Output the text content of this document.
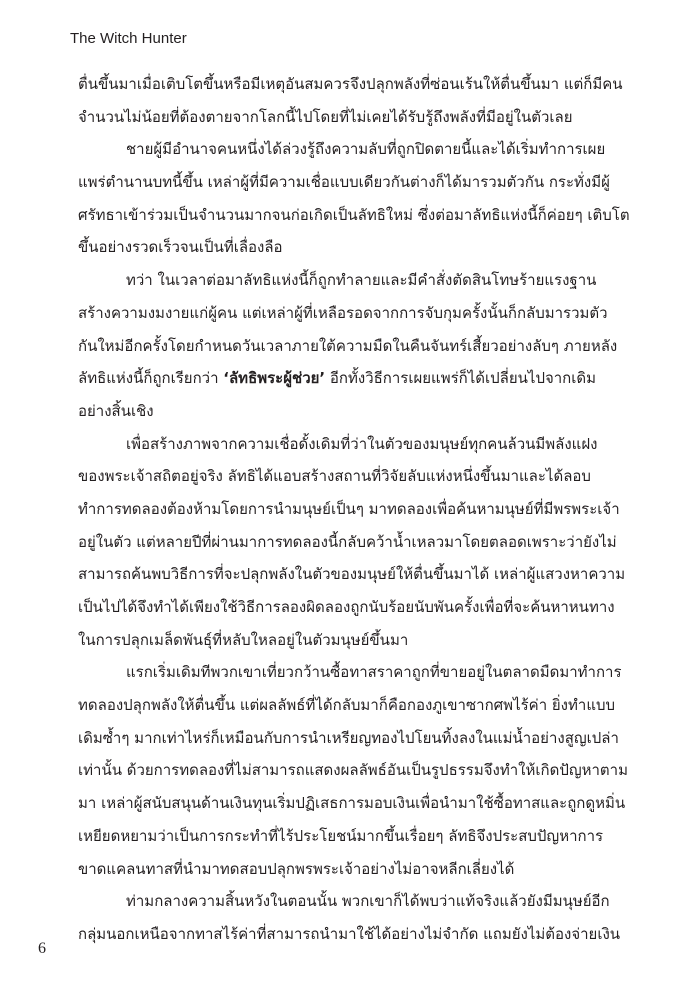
The Witch Hunter
ตื่นขึ้นมาเมื่อเติบโตขึ้นหรือมีเหตุอันสมควรจึงปลุกพลังที่ซ่อนเร้นให้ตื่นขึ้นมา แต่ก็มีคน
จำนวนไม่น้อยที่ต้องตายจากโลกนี้ไปโดยที่ไม่เคยได้รับรู้ถึงพลังที่มีอยู่ในตัวเลย
ชายผู้มีอำนาจคนหนึ่งได้ล่วงรู้ถึงความลับที่ถูกปิดตายนี้และได้เริ่มทำการเผย
แพร่ตำนานบทนี้ขึ้น เหล่าผู้ที่มีความเชื่อแบบเดียวกันต่างก็ได้มารวมตัวกัน กระทั่งมีผู้
ศรัทธาเข้าร่วมเป็นจำนวนมากจนก่อเกิดเป็นลัทธิใหม่ ซึ่งต่อมาลัทธิแห่งนี้ก็ค่อยๆ เติบโต
ขึ้นอย่างรวดเร็วจนเป็นที่เลื่องลือ
ทว่า ในเวลาต่อมาลัทธิแห่งนี้ก็ถูกทำลายและมีคำสั่งตัดสินโทษร้ายแรงฐาน
สร้างความงมงายแก่ผู้คน แต่เหล่าผู้ที่เหลือรอดจากการจับกุมครั้งนั้นก็กลับมารวมตัว
กันใหม่อีกครั้งโดยกำหนดวันเวลาภายใต้ความมืดในคืนจันทร์เสี้ยวอย่างลับๆ ภายหลัง
ลัทธิแห่งนี้ก็ถูกเรียกว่า ‘ลัทธิพระผู้ช่วย’ อีกทั้งวิธีการเผยแพร่ก็ได้เปลี่ยนไปจากเดิม
อย่างสิ้นเชิง
เพื่อสร้างภาพจากความเชื่อดั้งเดิมที่ว่าในตัวของมนุษย์ทุกคนล้วนมีพลังแฝง
ของพระเจ้าสถิตอยู่จริง ลัทธิได้แอบสร้างสถานที่วิจัยลับแห่งหนึ่งขึ้นมาและได้ลอบ
ทำการทดลองต้องห้ามโดยการนำมนุษย์เป็นๆ มาทดลองเพื่อค้นหามนุษย์ที่มีพรพระเจ้า
อยู่ในตัว แต่หลายปีที่ผ่านมาการทดลองนี้กลับคว้าน้ำเหลวมาโดยตลอดเพราะว่ายังไม่
สามารถค้นพบวิธีการที่จะปลุกพลังในตัวของมนุษย์ให้ตื่นขึ้นมาได้ เหล่าผู้แสวงหาความ
เป็นไปได้จึงทำได้เพียงใช้วิธีการลองผิดลองถูกนับร้อยนับพันครั้งเพื่อที่จะค้นหาหนทาง
ในการปลุกเมล็ดพันธุ์ที่หลับใหลอยู่ในตัวมนุษย์ขึ้นมา
แรกเริ่มเดิมทีพวกเขาเที่ยวกว้านซื้อทาสราคาถูกที่ขายอยู่ในตลาดมืดมาทำการ
ทดลองปลุกพลังให้ตื่นขึ้น แต่ผลลัพธ์ที่ได้กลับมาก็คือกองภูเขาซากศพไร้ค่า ยิ่งทำแบบ
เดิมซ้ำๆ มากเท่าไหร่ก็เหมือนกับการนำเหรียญทองไปโยนทิ้งลงในแม่น้ำอย่างสูญเปล่า
เท่านั้น ด้วยการทดลองที่ไม่สามารถแสดงผลลัพธ์อันเป็นรูปธรรมจึงทำให้เกิดปัญหาตาม
มา เหล่าผู้สนับสนุนด้านเงินทุนเริ่มปฏิเสธการมอบเงินเพื่อนำมาใช้ซื้อทาสและถูกดูหมิ่น
เหยียดหยามว่าเป็นการกระทำที่ไร้ประโยชน์มากขึ้นเรื่อยๆ ลัทธิจึงประสบปัญหาการ
ขาดแคลนทาสที่นำมาทดสอบปลุกพรพระเจ้าอย่างไม่อาจหลีกเลี่ยงได้
ท่ามกลางความสิ้นหวังในตอนนั้น พวกเขาก็ได้พบว่าแท้จริงแล้วยังมีมนุษย์อีก
กลุ่มนอกเหนือจากทาสไร้ค่าที่สามารถนำมาใช้ได้อย่างไม่จำกัด แถมยังไม่ต้องจ่ายเงิน
6
